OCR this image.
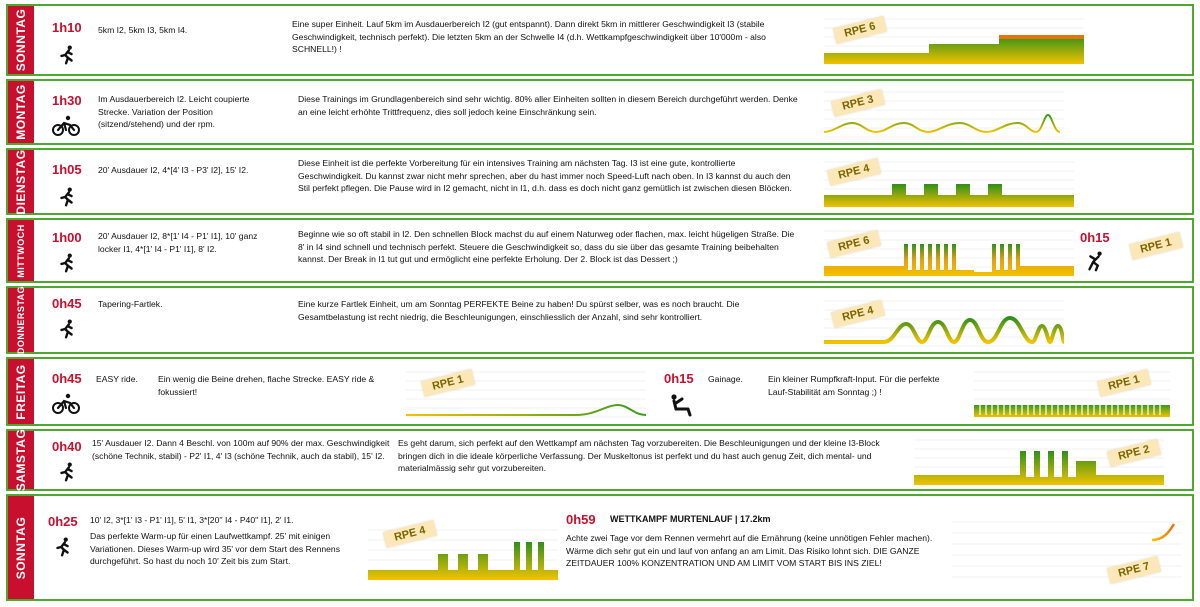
SONNTAG 1h10 5km I2, 5km I3, 5km I4.
Eine super Einheit. Lauf 5km im Ausdauerbereich I2 (gut entspannt). Dann direkt 5km in mittlerer Geschwindigkeit I3 (stabile Geschwindigkeit, technisch perfekt). Die letzten 5km an der Schwelle I4 (d.h. Wettkampfgeschwindigkeit über 10'000m - also SCHNELL!) !
RPE 6
MONTAG 1h30 Im Ausdauerbereich I2. Leicht coupierte Strecke. Variation der Position (sitzend/stehend) und der rpm.
Diese Trainings im Grundlagenbereich sind sehr wichtig. 80% aller Einheiten sollten in diesem Bereich durchgeführt werden. Denke an eine leicht erhöhte Trittfrequenz, dies soll jedoch keine Einschränkung sein.	RPE 3
DIENSTAG 1h05 20' Ausdauer I2, 4*[4' I3 - P3' I2], 15' I2.
Diese Einheit ist die perfekte Vorbereitung für ein intensives Training am nächsten Tag. I3 ist eine gute, kontrollierte Geschwindigkeit. Du kannst zwar nicht mehr sprechen, aber du hast immer noch Speed-Luft nach oben. In I3 kannst du auch den Stil perfekt pflegen. Die Pause wird in I2 gemacht, nicht in I1, d.h. dass es doch nicht ganz gemütlich ist zwischen diesen Blöcken.
RPE 4
MITTWOCH 1h00 20' Ausdauer I2, 8*[1' I4 - P1' I1], 10' ganz locker I1, 4*[1' I4 - P1' I1], 8' I2.
Beginne wie so oft stabil in I2. Den schnellen Block machst du auf einem Naturweg oder flachen, max. leicht hügeligen Straße. Die 8' in I4 sind schnell und technisch perfekt. Steuere die Geschwindigkeit so, dass du sie über das gesamte Training beibehalten kannst. Der Break in I1 tut gut und ermöglicht eine perfekte Erholung. Der 2. Block ist das Dessert ;)
RPE 6	0h15	RPE 1
DONNERSTAG 0h45 Tapering-Fartlek.	Eine kurze Fartlek Einheit, um am Sonntag PERFEKTE Beine zu haben! Du spürst selber, was es noch braucht. Die Gesamtbelastung ist recht niedrig, die Beschleunigungen, einschliesslich der Anzahl, sind sehr kontrolliert.	RPE 4
FREITAG 0h45 EASY ride.	Ein wenig die Beine drehen, flache Strecke. EASY ride & fokussiert!	RPE 1	0h15 Gainage.	Ein kleiner Rumpfkraft-Input. Für die perfekte Lauf-Stabilität am Sonntag ;) !	RPE 1
SAMSTAG 0h40 15' Ausdauer I2. Dann 4 Beschl. von 100m auf 90% der max. Geschwindigkeit (schöne Technik, stabil) - P2' I1, 4' I3 (schöne Technik, auch da stabil), 15' I2.
Es geht darum, sich perfekt auf den Wettkampf am nächsten Tag vorzubereiten. Die Beschleunigungen und der kleine I3-Block bringen dich in die ideale körperliche Verfassung. Der Muskeltonus ist perfekt und du hast auch genug Zeit, dich mental- und materialmässig sehr gut vorzubereiten.
RPE 2
SONNTAG 0h25 10' I2, 3*[1' I3 - P1' I1], 5' I1, 3*[20'' I4 - P40'' I1], 2' I1.
Das perfekte Warm-up für einen Laufwettkampf. 25' mit einigen Variationen. Dieses Warm-up wird 35' vor dem Start des Rennens durchgeführt. So hast du noch 10' Zeit bis zum Start.
RPE 4
0h59 WETTKAMPF MURTENLAUF | 17.2km
Achte zwei Tage vor dem Rennen vermehrt auf die Ernährung (keine unnötigen Fehler machen). Wärme dich sehr gut ein und lauf von anfang an am Limit. Das Risiko lohnt sich. DIE GANZE ZEITDAUER 100% KONZENTRATION UND AM LIMIT VOM START BIS INS ZIEL!	RPE 7
